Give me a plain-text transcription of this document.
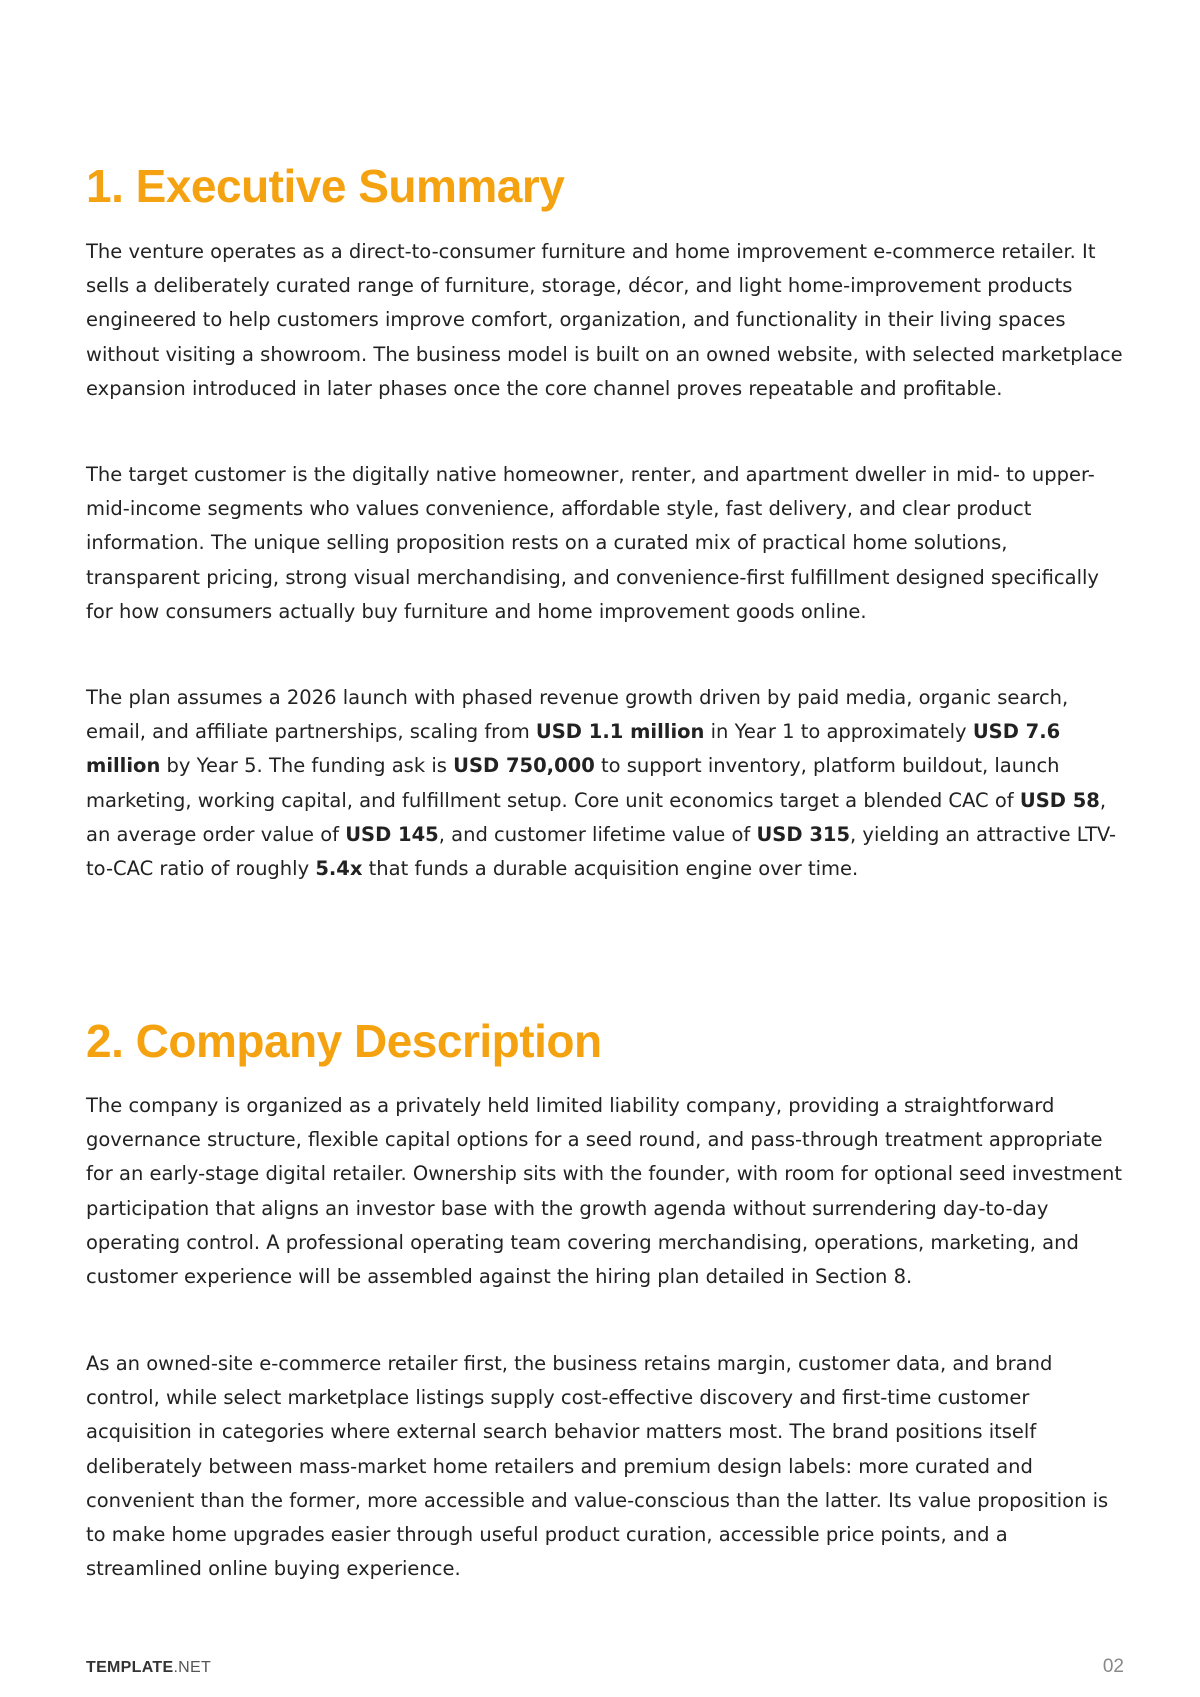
1. Executive Summary

The venture operates as a direct-to-consumer furniture and home improvement e-commerce retailer. It sells a deliberately curated range of furniture, storage, décor, and light home-improvement products engineered to help customers improve comfort, organization, and functionality in their living spaces without visiting a showroom. The business model is built on an owned website, with selected marketplace expansion introduced in later phases once the core channel proves repeatable and profitable.

The target customer is the digitally native homeowner, renter, and apartment dweller in mid- to upper-mid-income segments who values convenience, affordable style, fast delivery, and clear product information. The unique selling proposition rests on a curated mix of practical home solutions, transparent pricing, strong visual merchandising, and convenience-first fulfillment designed specifically for how consumers actually buy furniture and home improvement goods online.

The plan assumes a 2026 launch with phased revenue growth driven by paid media, organic search, email, and affiliate partnerships, scaling from USD 1.1 million in Year 1 to approximately USD 7.6 million by Year 5. The funding ask is USD 750,000 to support inventory, platform buildout, launch marketing, working capital, and fulfillment setup. Core unit economics target a blended CAC of USD 58, an average order value of USD 145, and customer lifetime value of USD 315, yielding an attractive LTV-to-CAC ratio of roughly 5.4x that funds a durable acquisition engine over time.

2. Company Description

The company is organized as a privately held limited liability company, providing a straightforward governance structure, flexible capital options for a seed round, and pass-through treatment appropriate for an early-stage digital retailer. Ownership sits with the founder, with room for optional seed investment participation that aligns an investor base with the growth agenda without surrendering day-to-day operating control. A professional operating team covering merchandising, operations, marketing, and customer experience will be assembled against the hiring plan detailed in Section 8.

As an owned-site e-commerce retailer first, the business retains margin, customer data, and brand control, while select marketplace listings supply cost-effective discovery and first-time customer acquisition in categories where external search behavior matters most. The brand positions itself deliberately between mass-market home retailers and premium design labels: more curated and convenient than the former, more accessible and value-conscious than the latter. Its value proposition is to make home upgrades easier through useful product curation, accessible price points, and a streamlined online buying experience.

TEMPLATE.NET	02
